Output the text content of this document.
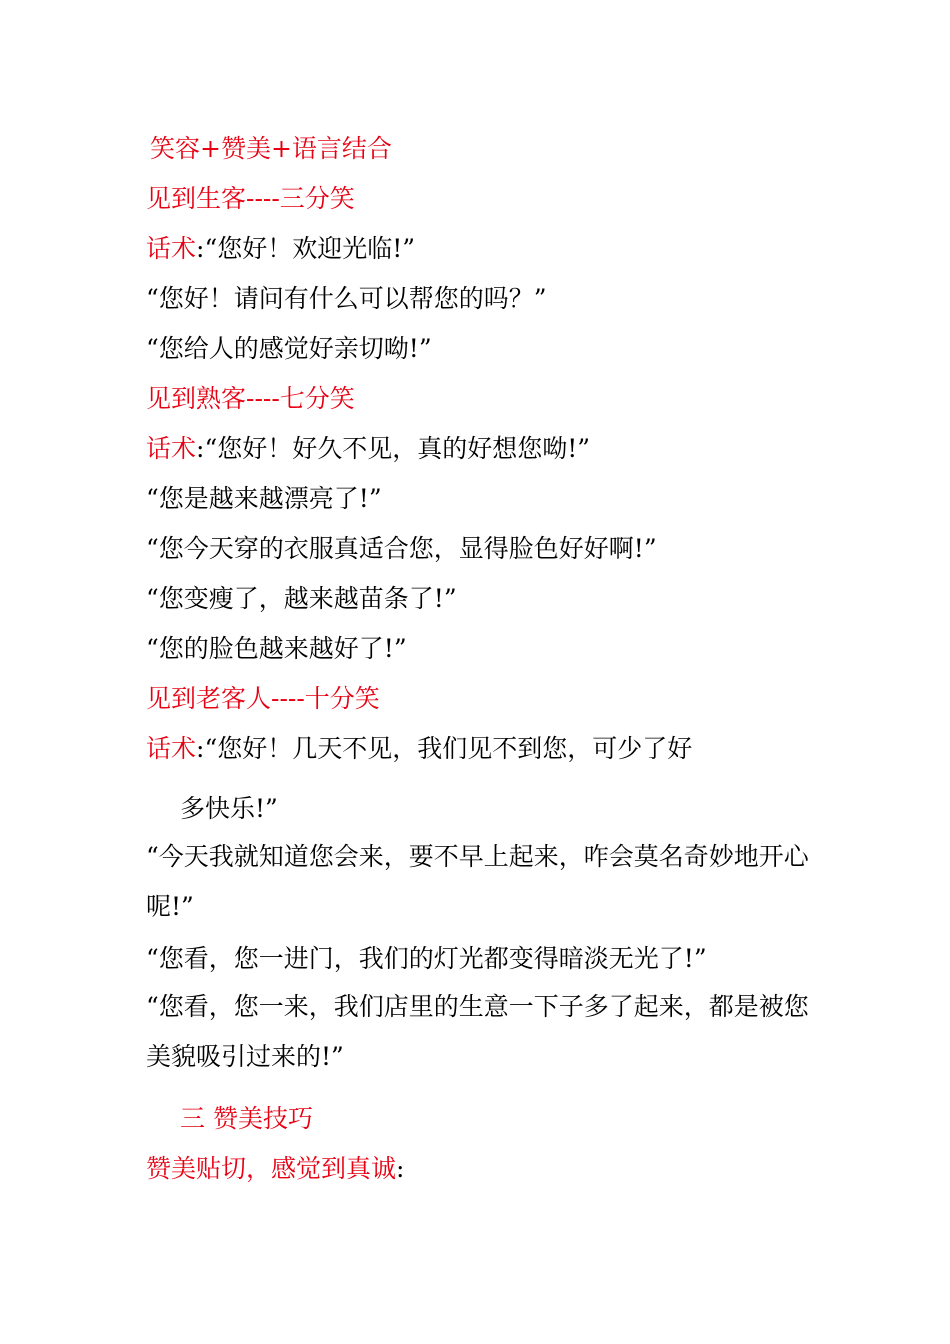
笑容+赞美+语言结合
见到生客----三分笑
话术:“您好！欢迎光临!”
“您好！请问有什么可以帮您的吗？”
“您给人的感觉好亲切呦!”
见到熟客----七分笑
话术:“您好！好久不见，真的好想您呦!”
“您是越来越漂亮了!”
“您今天穿的衣服真适合您，显得脸色好好啊!”
“您变瘦了，越来越苗条了!”
“您的脸色越来越好了!”
见到老客人----十分笑
话术:“您好！几天不见，我们见不到您，可少了好
多快乐!”
“今天我就知道您会来，要不早上起来，咋会莫名奇妙地开心呢!”
“您看，您一进门，我们的灯光都变得暗淡无光了!”
“您看，您一来，我们店里的生意一下子多了起来，都是被您美貌吸引过来的!”
三 赞美技巧
赞美贴切，感觉到真诚:
